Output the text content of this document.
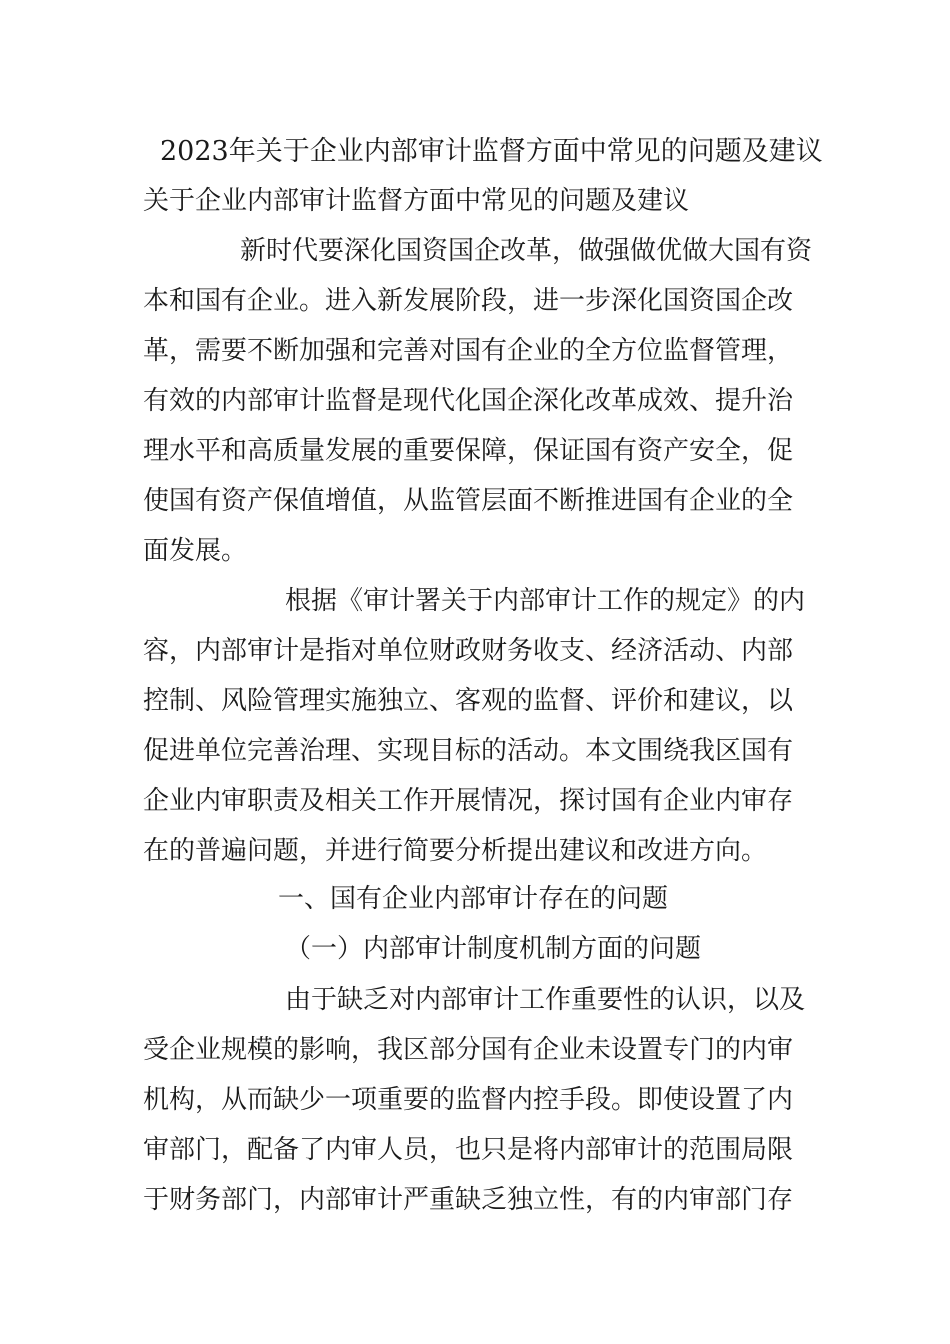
2023年关于企业内部审计监督方面中常见的问题及建议
关于企业内部审计监督方面中常见的问题及建议
新时代要深化国资国企改革，做强做优做大国有资
本和国有企业。进入新发展阶段，进一步深化国资国企改
革，需要不断加强和完善对国有企业的全方位监督管理，
有效的内部审计监督是现代化国企深化改革成效、提升治
理水平和高质量发展的重要保障，保证国有资产安全，促
使国有资产保值增值，从监管层面不断推进国有企业的全
面发展。
根据《审计署关于内部审计工作的规定》的内
容，内部审计是指对单位财政财务收支、经济活动、内部
控制、风险管理实施独立、客观的监督、评价和建议，以
促进单位完善治理、实现目标的活动。本文围绕我区国有
企业内审职责及相关工作开展情况，探讨国有企业内审存
在的普遍问题，并进行简要分析提出建议和改进方向。
一、国有企业内部审计存在的问题
（一）内部审计制度机制方面的问题
由于缺乏对内部审计工作重要性的认识，以及
受企业规模的影响，我区部分国有企业未设置专门的内审
机构，从而缺少一项重要的监督内控手段。即使设置了内
审部门，配备了内审人员，也只是将内部审计的范围局限
于财务部门，内部审计严重缺乏独立性，有的内审部门存
